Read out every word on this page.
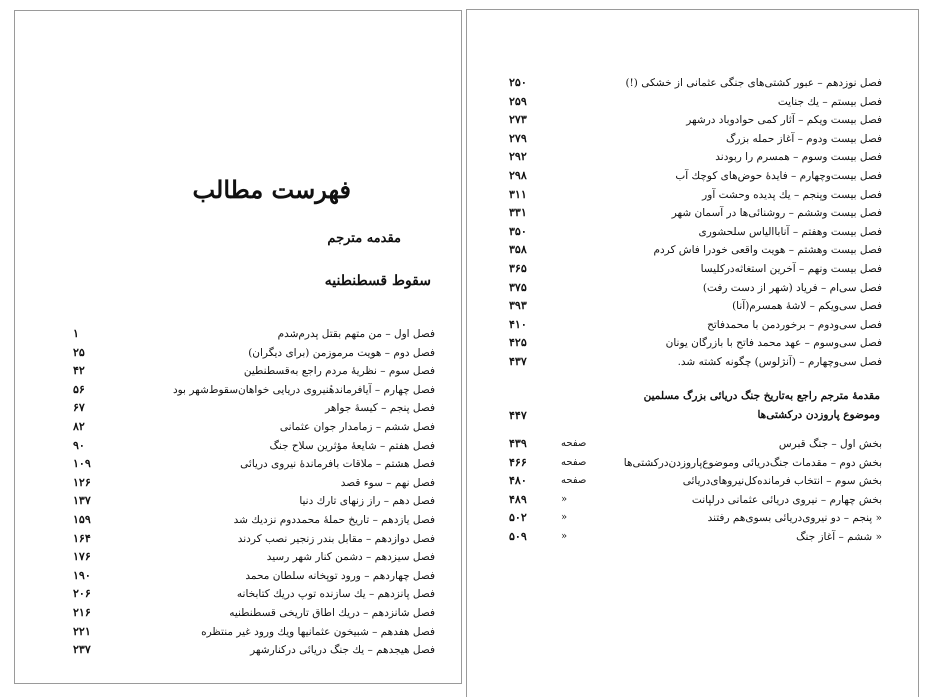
فهرست مطالب
مقدمه مترجم
سقوط قسطنطنیه
فصل اول – من متهم بقتل پدرم‌شدم
۱
فصل دوم – هویت مرموزمن (برای دیگران)
۲۵
فصل سوم – نظریهٔ مردم راجع به‌قسطنطین
۴۲
فصل چهارم – آیافرماندهٔنیروی دریایی خواهان‌سقوط‌شهر بود
۵۶
فصل پنجم – کیسهٔ جواهر
۶۷
فصل ششم – زمامدار جوان عثمانی
۸۲
فصل هفتم – شایعهٔ مؤثرین سلاح جنگ
۹۰
فصل هشتم – ملاقات بافرماندهٔ نیروی دریائی
۱۰۹
فصل نهم – سوء قصد
۱۲۶
فصل دهم – راز زنهای تارك دنیا
۱۳۷
فصل یازدهم – تاریخ حملهٔ محمددوم نزدیك شد
۱۵۹
فصل دوازدهم – مقابل بندر زنجیر نصب کردند
۱۶۴
فصل سیزدهم – دشمن کنار شهر رسید
۱۷۶
فصل چهاردهم – ورود توپخانه سلطان محمد
۱۹۰
فصل پانزدهم – یك سازنده توپ دریك کتابخانه
۲۰۶
فصل شانزدهم – دریك اطاق تاریخی قسطنطنیه
۲۱۶
فصل هفدهم – شبیخون عثمانیها ویك ورود غیر منتظره
۲۲۱
فصل هیجدهم – یك جنگ دریائی درکنارشهر
۲۳۷
فصل نوزدهم – عبور کشتی‌های جنگی عثمانی از خشکی (!)
۲۵۰
فصل بیستم – یك جنایت
۲۵۹
فصل بیست ویکم – آثار کمی حوادوباد درشهر
۲۷۳
فصل بیست ودوم – آغاز حمله بزرگ
۲۷۹
فصل بیست وسوم – همسرم را ربودند
۲۹۲
فصل بیست‌وچهارم – فایدهٔ حوض‌های کوچك آب
۲۹۸
فصل بیست وپنجم – یك پدیده وحشت آور
۳۱۱
فصل بیست وششم – روشنائی‌ها در آسمان شهر
۳۳۱
فصل بیست وهفتم – آناباالیاس سلحشوری
۳۵۰
فصل بیست وهشتم – هویت واقعی خودرا فاش کردم
۳۵۸
فصل بیست ونهم – آخرین استغاثه‌درکلیسا
۳۶۵
فصل سی‌ام – فریاد (شهر از دست رفت)
۳۷۵
فصل سی‌ویکم – لاشهٔ همسرم(آنا)
۳۹۳
فصل سی‌ودوم – برخوردمن با محمدفاتح
۴۱۰
فصل سی‌وسوم – عهد محمد فاتح با بازرگان یونان
۴۲۵
فصل سی‌وچهارم – (آنژلوس) چگونه کشته شد.
۴۳۷
مقدمهٔ مترجم راجع به‌تاریخ جنگ دریائی بزرگ مسلمین
وموضوع پاروزدن درکشتی‌ها
۴۴۷
بخش اول – جنگ قبرس
صفحه
۴۳۹
بخش دوم – مقدمات جنگ‌دریائی وموضوع‌پاروزدن‌درکشتی‌ها
صفحه
۴۶۶
بخش سوم – انتخاب فرمانده‌کل‌نیروهای‌دریائی
صفحه
۴۸۰
بخش چهارم – نیروی دریائی عثمانی درلپانت
«
۴۸۹
« پنجم – دو نیروی‌دریائی بسوی‌هم رفتند
«
۵۰۲
« ششم – آغاز جنگ
«
۵۰۹
